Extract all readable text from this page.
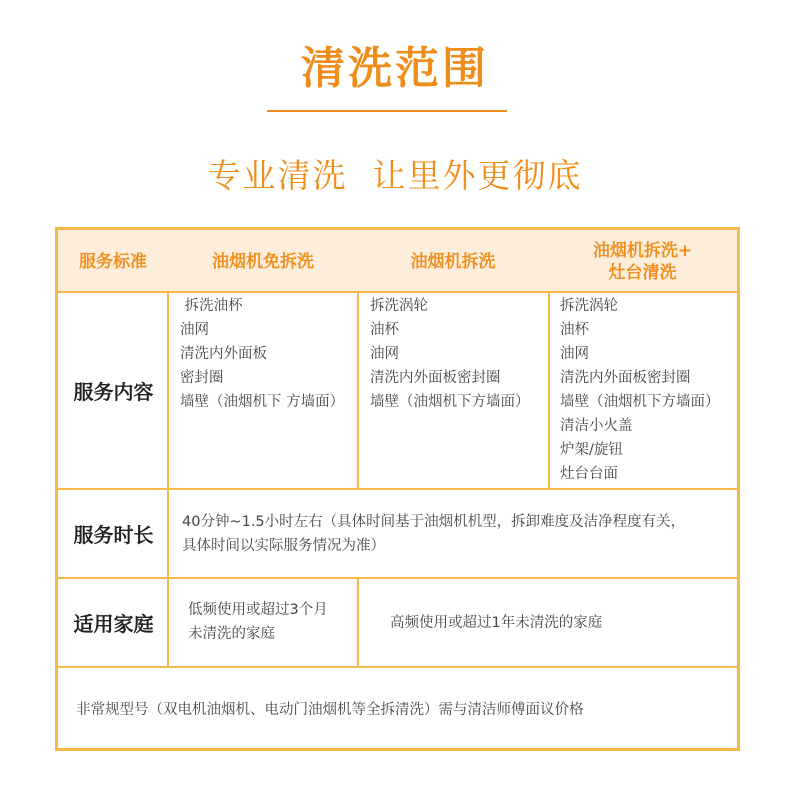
清洗范围
专业清洗  让里外更彻底
服务标准	油烟机免拆洗	油烟机拆洗
油烟机拆洗+
灶台清洗
服务内容
拆洗油杯
油网
清洗内外面板
密封圈
墙壁（油烟机下 方墙面）
拆洗涡轮
油杯
油网
清洗内外面板密封圈
墙壁（油烟机下方墙面）
拆洗涡轮
油杯
油网
清洗内外面板密封圈
墙壁（油烟机下方墙面）
清洁小火盖
炉架/旋钮
灶台台面
服务时长
40分钟~1.5小时左右（具体时间基于油烟机机型，拆卸难度及洁净程度有关，
具体时间以实际服务情况为准）
适用家庭
低频使用或超过3个月
未清洗的家庭
高频使用或超过1年未清洗的家庭
非常规型号（双电机油烟机、电动门油烟机等全拆清洗）需与清洁师傅面议价格
